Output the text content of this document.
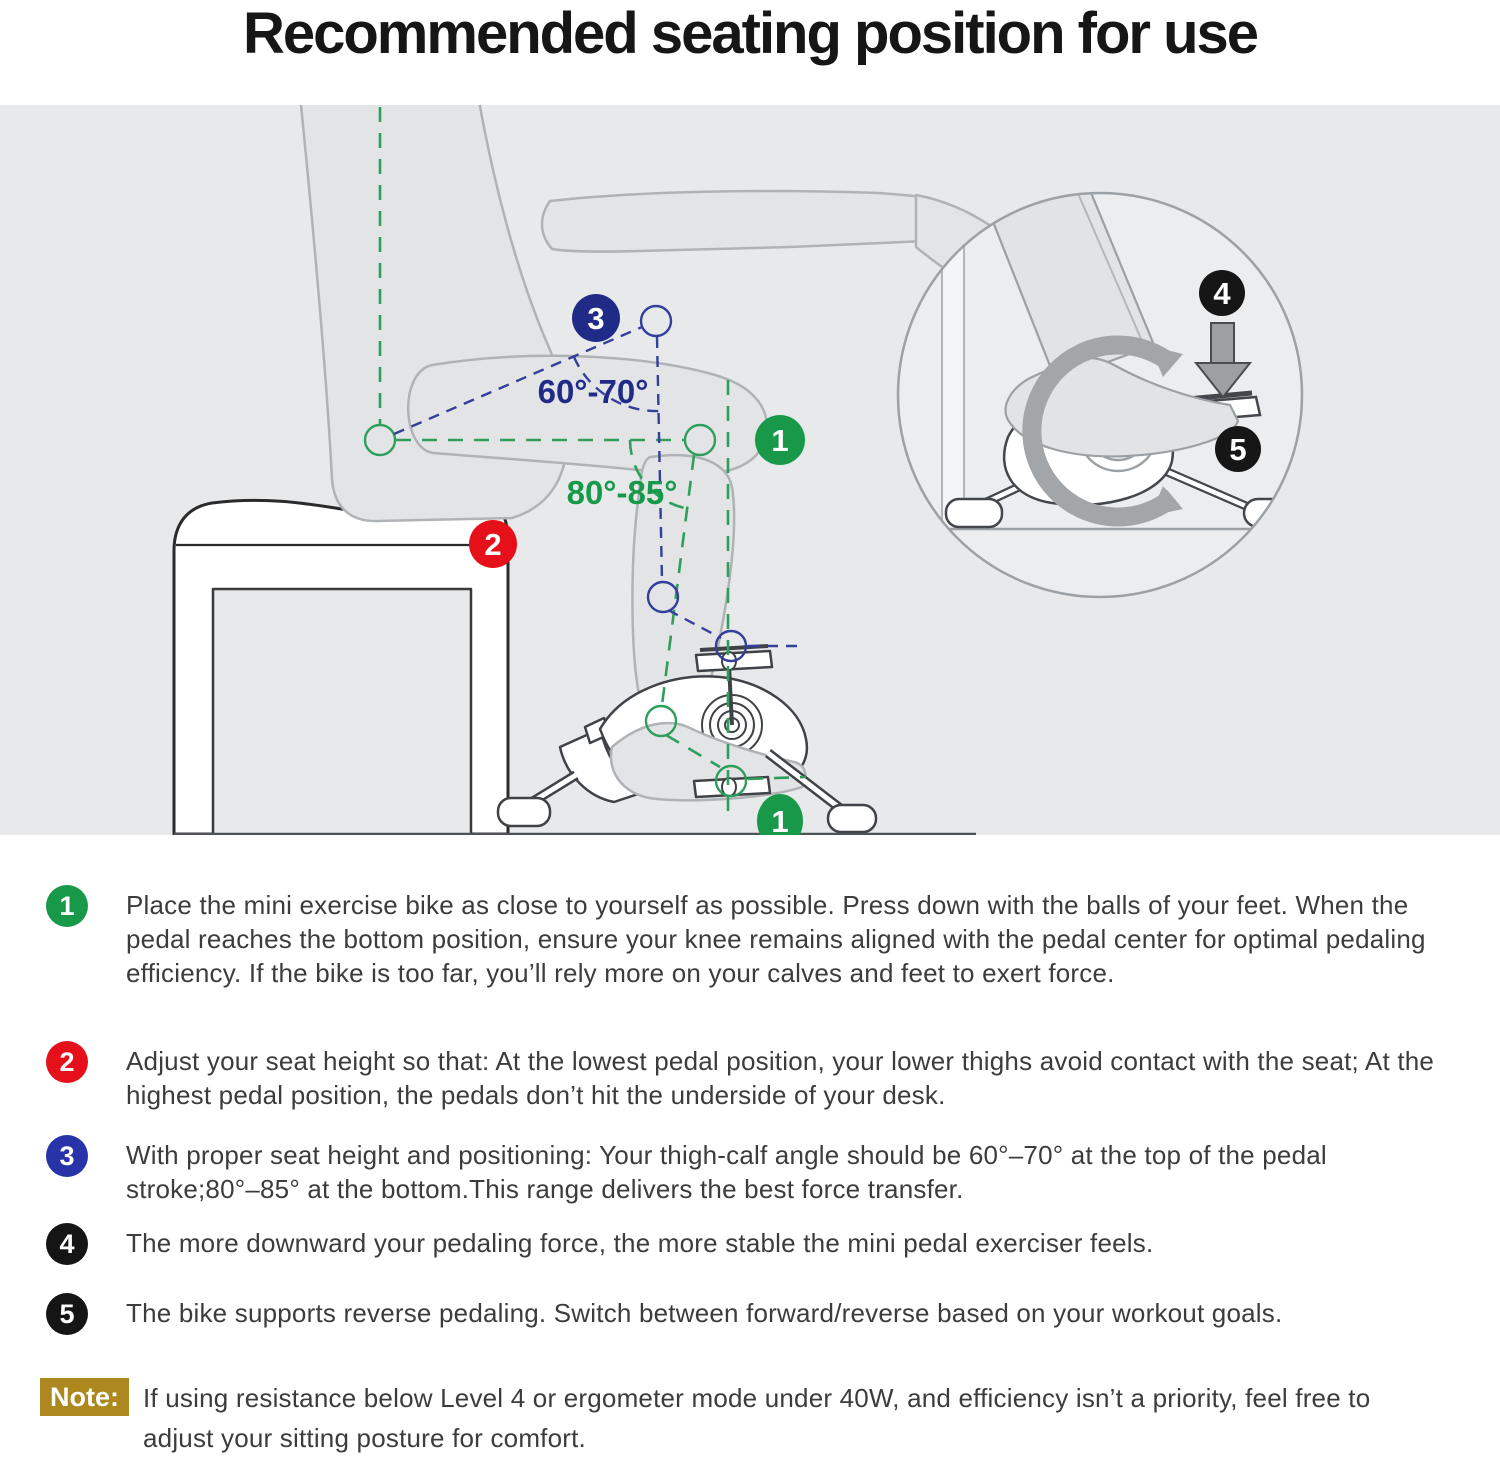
Recommended seating position for use
60°-70°
80°-85°
3
1
2
1
4
5
1	Place the mini exercise bike as close to yourself as possible. Press down with the balls of your feet. When the pedal reaches the bottom position, ensure your knee remains aligned with the pedal center for optimal pedaling efficiency. If the bike is too far, you’ll rely more on your calves and feet to exert force.
2	Adjust your seat height so that: At the lowest pedal position, your lower thighs avoid contact with the seat; At the highest pedal position, the pedals don’t hit the underside of your desk.
3	With proper seat height and positioning: Your thigh-calf angle should be 60°–70° at the top of the pedal stroke;80°–85° at the bottom.This range delivers the best force transfer.
4	The more downward your pedaling force, the more stable the mini pedal exerciser feels.
5	The bike supports reverse pedaling. Switch between forward/reverse based on your workout goals.
Note: If using resistance below Level 4 or ergometer mode under 40W, and efficiency isn’t a priority, feel free to adjust your sitting posture for comfort.
